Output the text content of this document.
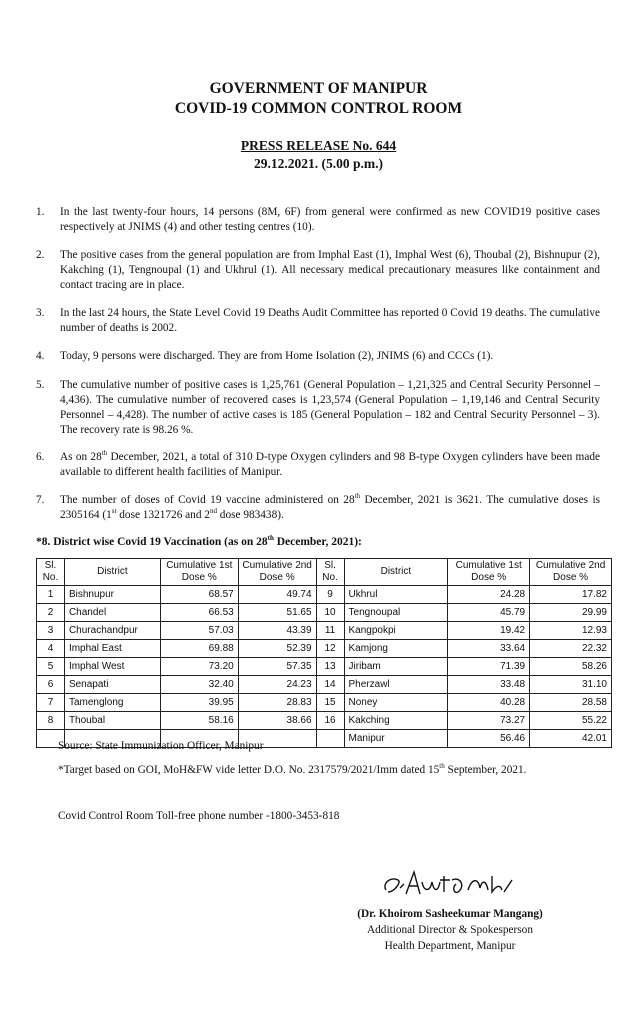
GOVERNMENT OF MANIPUR
COVID-19 COMMON CONTROL ROOM
PRESS RELEASE No. 644
29.12.2021. (5.00 p.m.)
1.	In the last twenty-four hours, 14 persons (8M, 6F) from general were confirmed as new COVID19 positive cases respectively at JNIMS (4) and other testing centres (10).
2.	The positive cases from the general population are from Imphal East (1), Imphal West (6), Thoubal (2), Bishnupur (2), Kakching (1), Tengnoupal (1) and Ukhrul (1). All necessary medical precautionary measures like containment and contact tracing are in place.
3.	In the last 24 hours, the State Level Covid 19 Deaths Audit Committee has reported 0 Covid 19 deaths. The cumulative number of deaths is 2002.
4.	Today, 9 persons were discharged. They are from Home Isolation (2), JNIMS (6) and CCCs (1).
5.	The cumulative number of positive cases is 1,25,761 (General Population – 1,21,325 and Central Security Personnel – 4,436). The cumulative number of recovered cases is 1,23,574 (General Population – 1,19,146 and Central Security Personnel – 4,428). The number of active cases is 185 (General Population – 182 and Central Security Personnel – 3). The recovery rate is 98.26 %.
6.	As on 28th December, 2021, a total of 310 D-type Oxygen cylinders and 98 B-type Oxygen cylinders have been made available to different health facilities of Manipur.
7.	The number of doses of Covid 19 vaccine administered on 28th December, 2021 is 3621. The cumulative doses is 2305164 (1st dose 1321726 and 2nd dose 983438).
*8. District wise Covid 19 Vaccination (as on 28th December, 2021):
Sl. No.	District	Cumulative 1st Dose %	Cumulative 2nd Dose %	Sl. No.	District	Cumulative 1st Dose %	Cumulative 2nd Dose %
1	Bishnupur	68.57	49.74	9	Ukhrul	24.28	17.82
2	Chandel	66.53	51.65	10	Tengnoupal	45.79	29.99
3	Churachandpur	57.03	43.39	11	Kangpokpi	19.42	12.93
4	Imphal East	69.88	52.39	12	Kamjong	33.64	22.32
5	Imphal West	73.20	57.35	13	Jiribam	71.39	58.26
6	Senapati	32.40	24.23	14	Pherzawl	33.48	31.10
7	Tamenglong	39.95	28.83	15	Noney	40.28	28.58
8	Thoubal	58.16	38.66	16	Kakching	73.27	55.22
					Manipur	56.46	42.01
Source: State Immunization Officer, Manipur
*Target based on GOI, MoH&FW vide letter D.O. No. 2317579/2021/Imm dated 15th September, 2021.
Covid Control Room Toll-free phone number -1800-3453-818
(Dr. Khoirom Sasheekumar Mangang)
Additional Director & Spokesperson
Health Department, Manipur
